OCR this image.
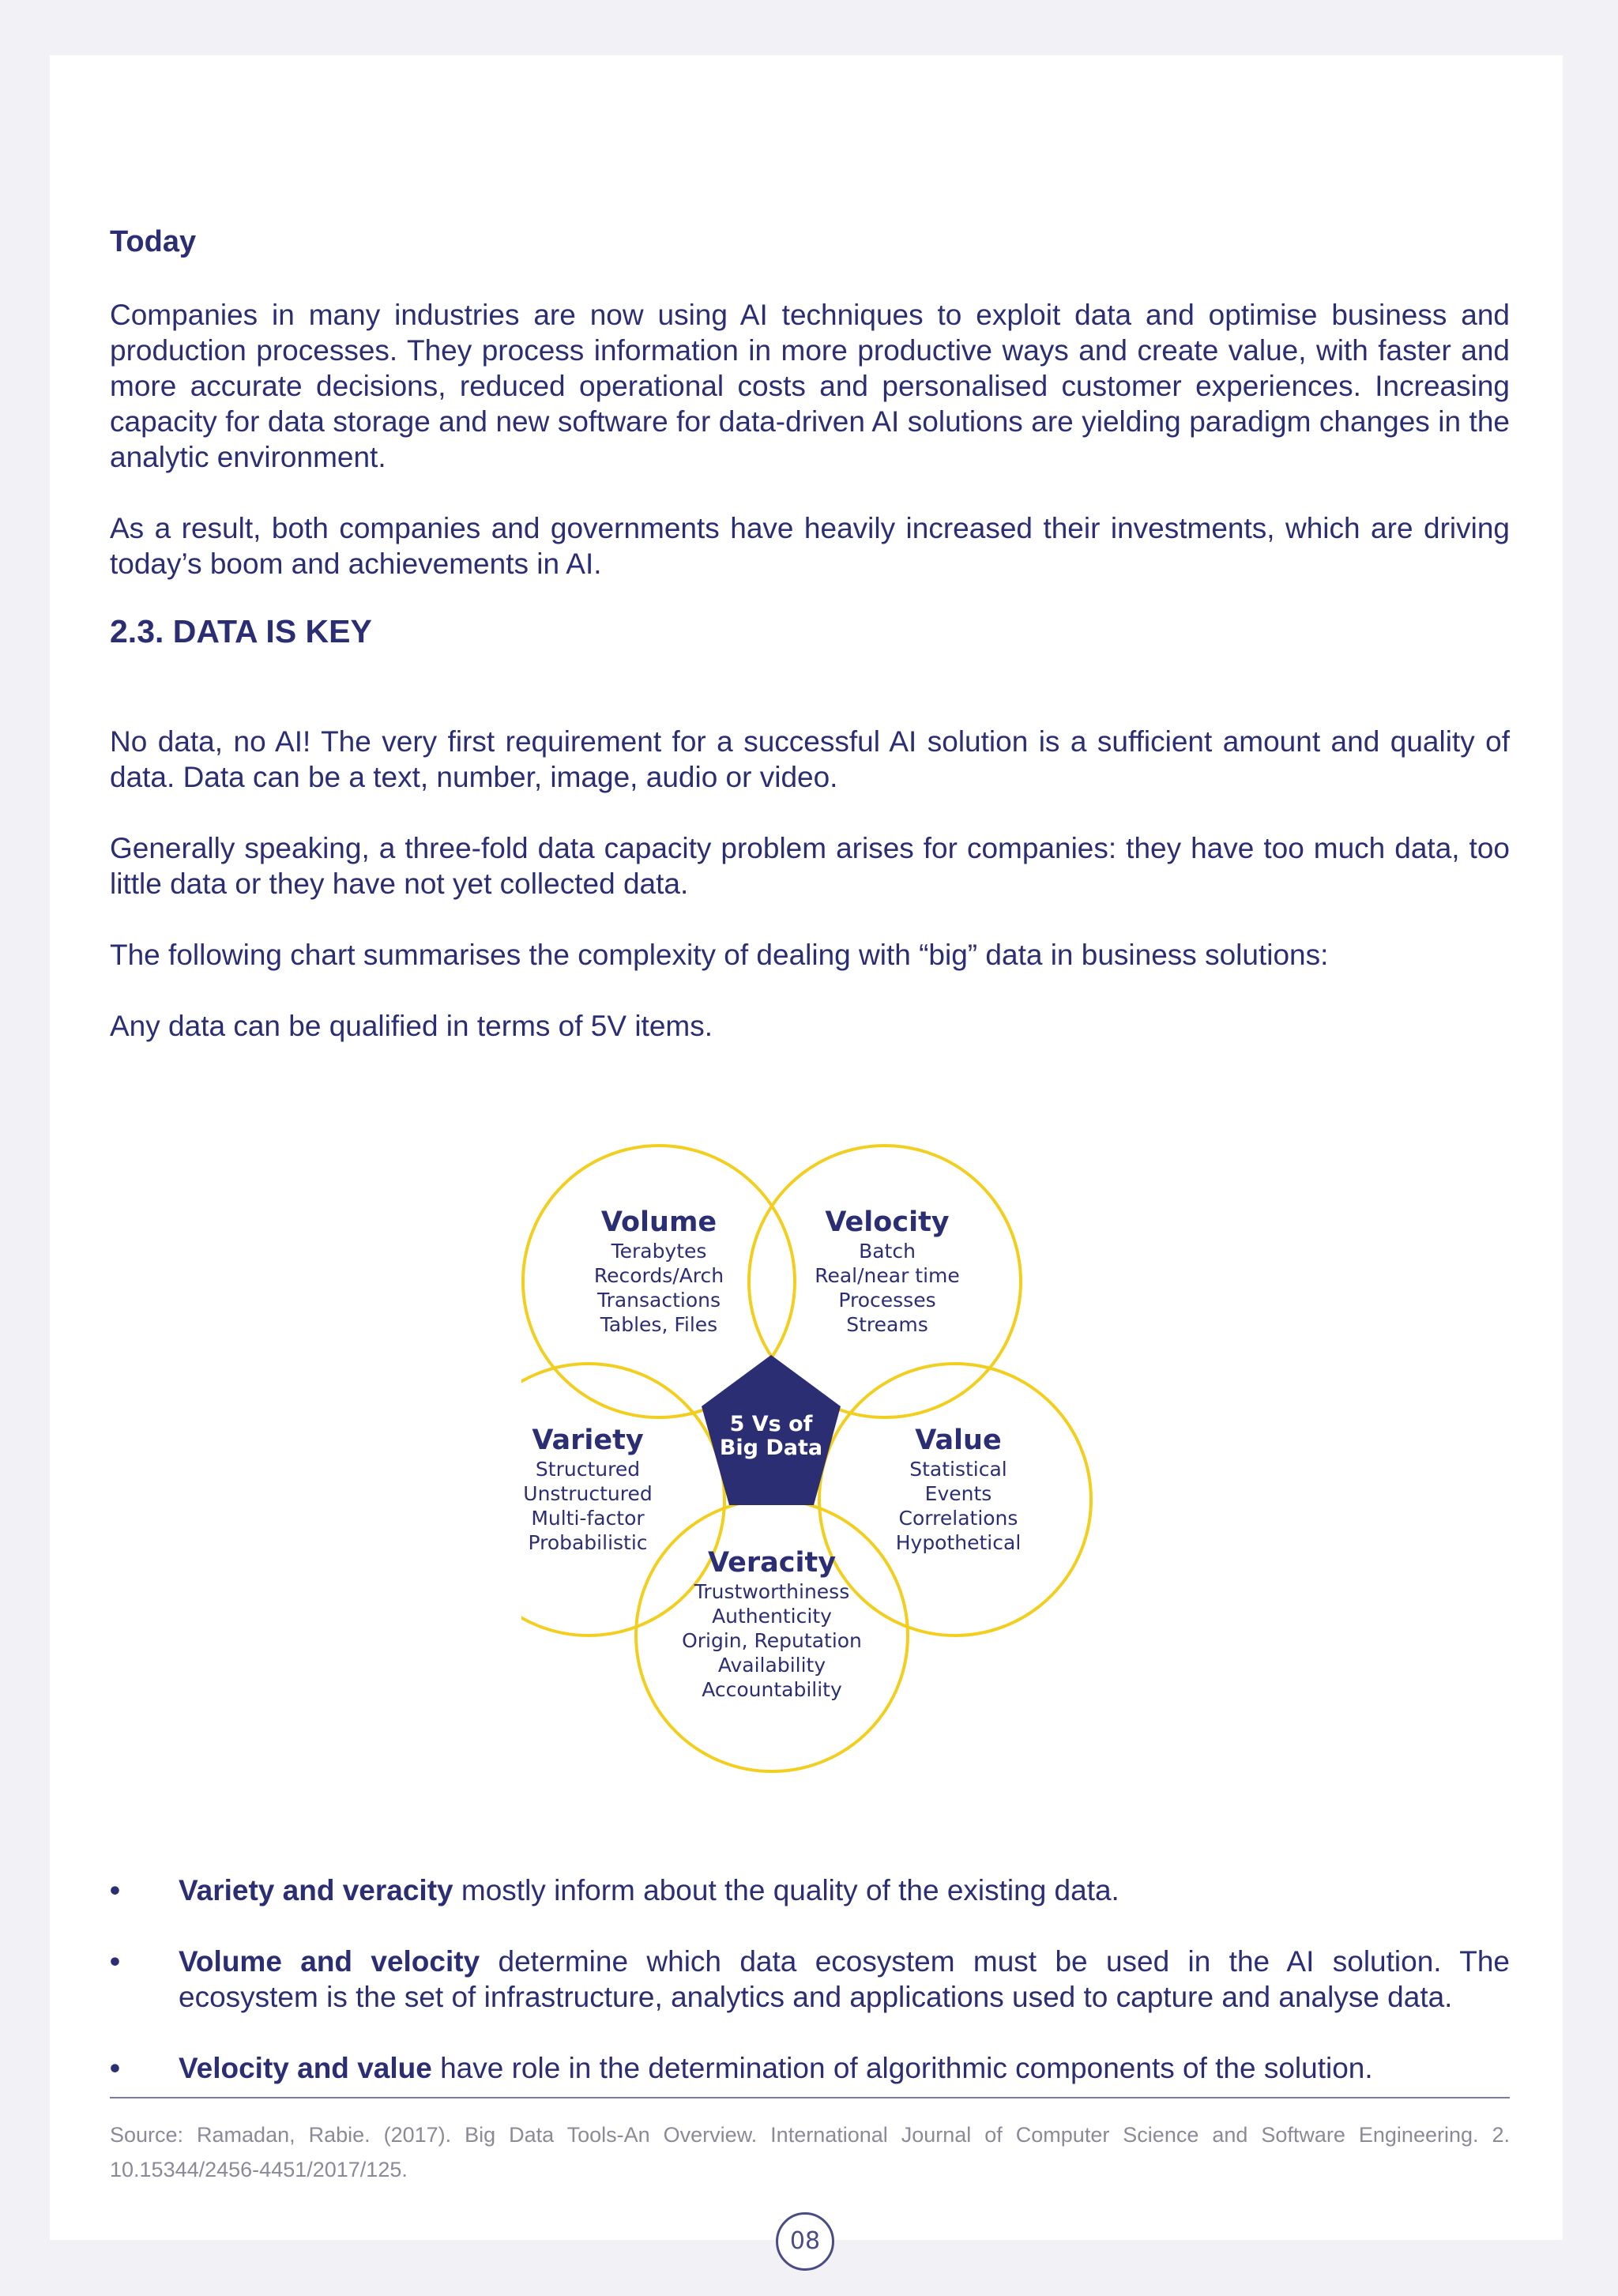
Today

Companies in many industries are now using AI techniques to exploit data and optimise business and production processes. They process information in more productive ways and create value, with faster and more accurate decisions, reduced operational costs and personalised customer experiences. Increasing capacity for data storage and new software for data-driven AI solutions are yielding paradigm changes in the analytic environment.

As a result, both companies and governments have heavily increased their investments, which are driving today’s boom and achievements in AI.

2.3. DATA IS KEY

No data, no AI! The very first requirement for a successful AI solution is a sufficient amount and quality of data. Data can be a text, number, image, audio or video.

Generally speaking, a three-fold data capacity problem arises for companies: they have too much data, too little data or they have not yet collected data.

The following chart summarises the complexity of dealing with “big” data in business solutions:

Any data can be qualified in terms of 5V items.

5 Vs of
Big Data
Volume
Terabytes
Records/Arch
Transactions
Tables, Files
Velocity
Batch
Real/near time
Processes
Streams
Variety
Structured
Unstructured
Multi-factor
Probabilistic
Value
Statistical
Events
Correlations
Hypothetical
Veracity
Trustworthiness
Authenticity
Origin, Reputation
Availability
Accountability
• Variety and veracity mostly inform about the quality of the existing data.
• Volume and velocity determine which data ecosystem must be used in the AI solution. The ecosystem is the set of infrastructure, analytics and applications used to capture and analyse data.
• Velocity and value have role in the determination of algorithmic components of the solution.

Source: Ramadan, Rabie. (2017). Big Data Tools-An Overview. International Journal of Computer Science and Software Engineering. 2. 10.15344/2456-4451/2017/125.

08
